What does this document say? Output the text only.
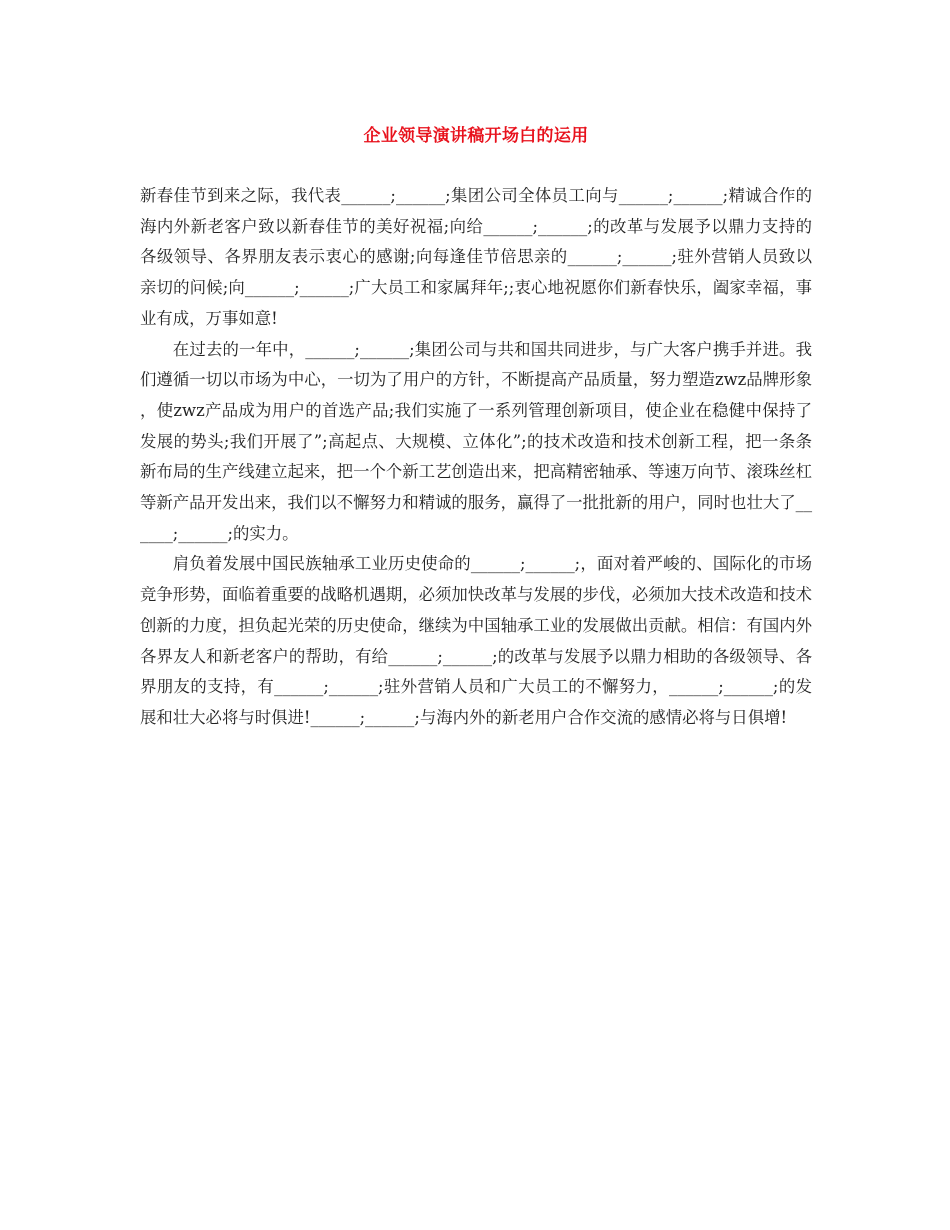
企业领导演讲稿开场白的运用

新春佳节到来之际，我代表______;______;集团公司全体员工向与______;______;精诚合作的海内外新老客户致以新春佳节的美好祝福;向给______;______;的改革与发展予以鼎力支持的各级领导、各界朋友表示衷心的感谢;向每逢佳节倍思亲的______;______;驻外营销人员致以亲切的问候;向______;______;广大员工和家属拜年;;衷心地祝愿你们新春快乐，阖家幸福，事业有成，万事如意!

在过去的一年中，______;______;集团公司与共和国共同进步，与广大客户携手并进。我们遵循一切以市场为中心，一切为了用户的方针，不断提高产品质量，努力塑造zwz品牌形象，使zwz产品成为用户的首选产品;我们实施了一系列管理创新项目，使企业在稳健中保持了发展的势头;我们开展了”;高起点、大规模、立体化”;的技术改造和技术创新工程，把一条条新布局的生产线建立起来，把一个个新工艺创造出来，把高精密轴承、等速万向节、滚珠丝杠等新产品开发出来，我们以不懈努力和精诚的服务，赢得了一批批新的用户，同时也壮大了______;______;的实力。

肩负着发展中国民族轴承工业历史使命的______;______;，面对着严峻的、国际化的市场竞争形势，面临着重要的战略机遇期，必须加快改革与发展的步伐，必须加大技术改造和技术创新的力度，担负起光荣的历史使命，继续为中国轴承工业的发展做出贡献。相信：有国内外各界友人和新老客户的帮助，有给______;______;的改革与发展予以鼎力相助的各级领导、各界朋友的支持，有______;______;驻外营销人员和广大员工的不懈努力，______;______;的发展和壮大必将与时俱进!______;______;与海内外的新老用户合作交流的感情必将与日俱增!
